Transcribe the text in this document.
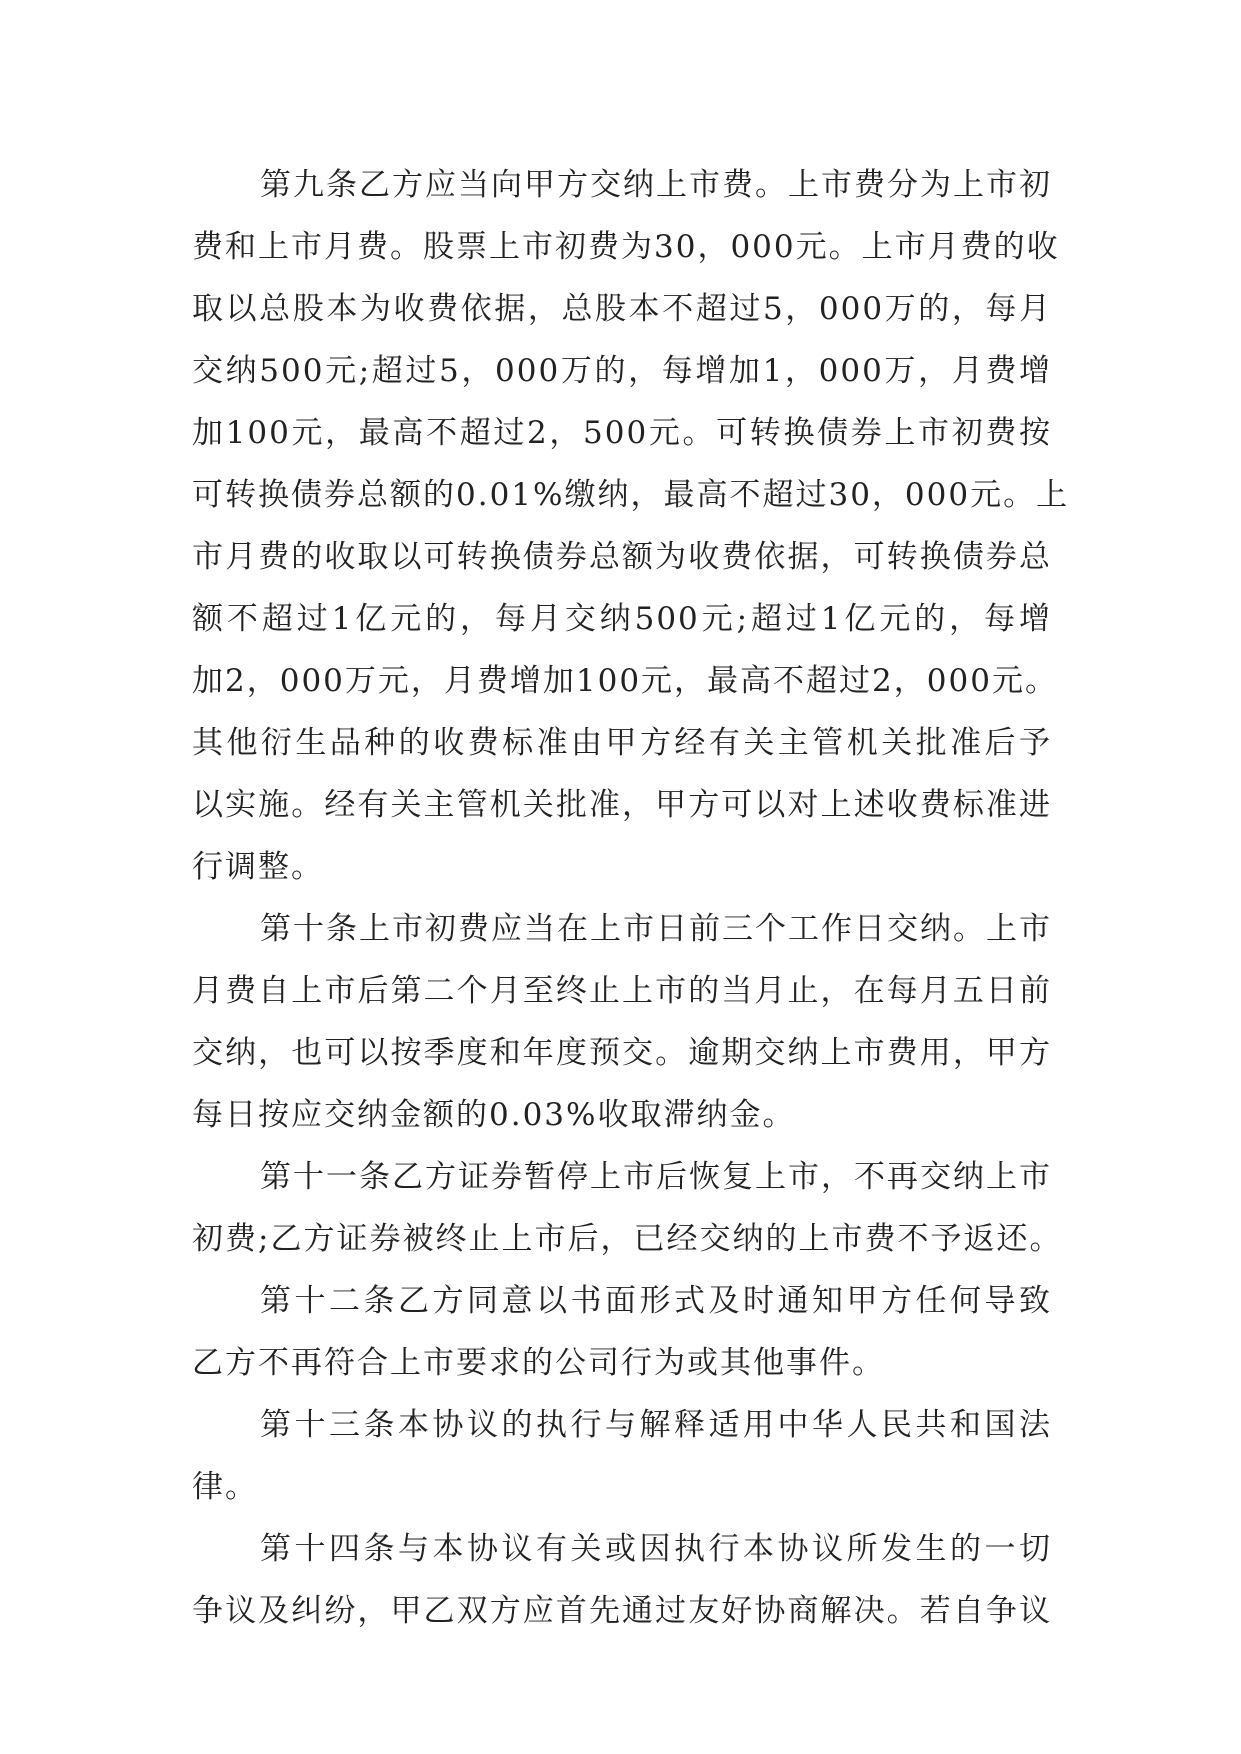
第九条乙方应当向甲方交纳上市费。上市费分为上市初
费和上市月费。股票上市初费为30，000元。上市月费的收
取以总股本为收费依据，总股本不超过5，000万的，每月
交纳500元;超过5，000万的，每增加1，000万，月费增
加100元，最高不超过2，500元。可转换债券上市初费按
可转换债券总额的0.01%缴纳，最高不超过30，000元。上
市月费的收取以可转换债券总额为收费依据，可转换债券总
额不超过1亿元的，每月交纳500元;超过1亿元的，每增
加2，000万元，月费增加100元，最高不超过2，000元。
其他衍生品种的收费标准由甲方经有关主管机关批准后予
以实施。经有关主管机关批准，甲方可以对上述收费标准进
行调整。
第十条上市初费应当在上市日前三个工作日交纳。上市
月费自上市后第二个月至终止上市的当月止，在每月五日前
交纳，也可以按季度和年度预交。逾期交纳上市费用，甲方
每日按应交纳金额的0.03%收取滞纳金。
第十一条乙方证券暂停上市后恢复上市，不再交纳上市
初费;乙方证券被终止上市后，已经交纳的上市费不予返还。
第十二条乙方同意以书面形式及时通知甲方任何导致
乙方不再符合上市要求的公司行为或其他事件。
第十三条本协议的执行与解释适用中华人民共和国法
律。
第十四条与本协议有关或因执行本协议所发生的一切
争议及纠纷，甲乙双方应首先通过友好协商解决。若自争议
